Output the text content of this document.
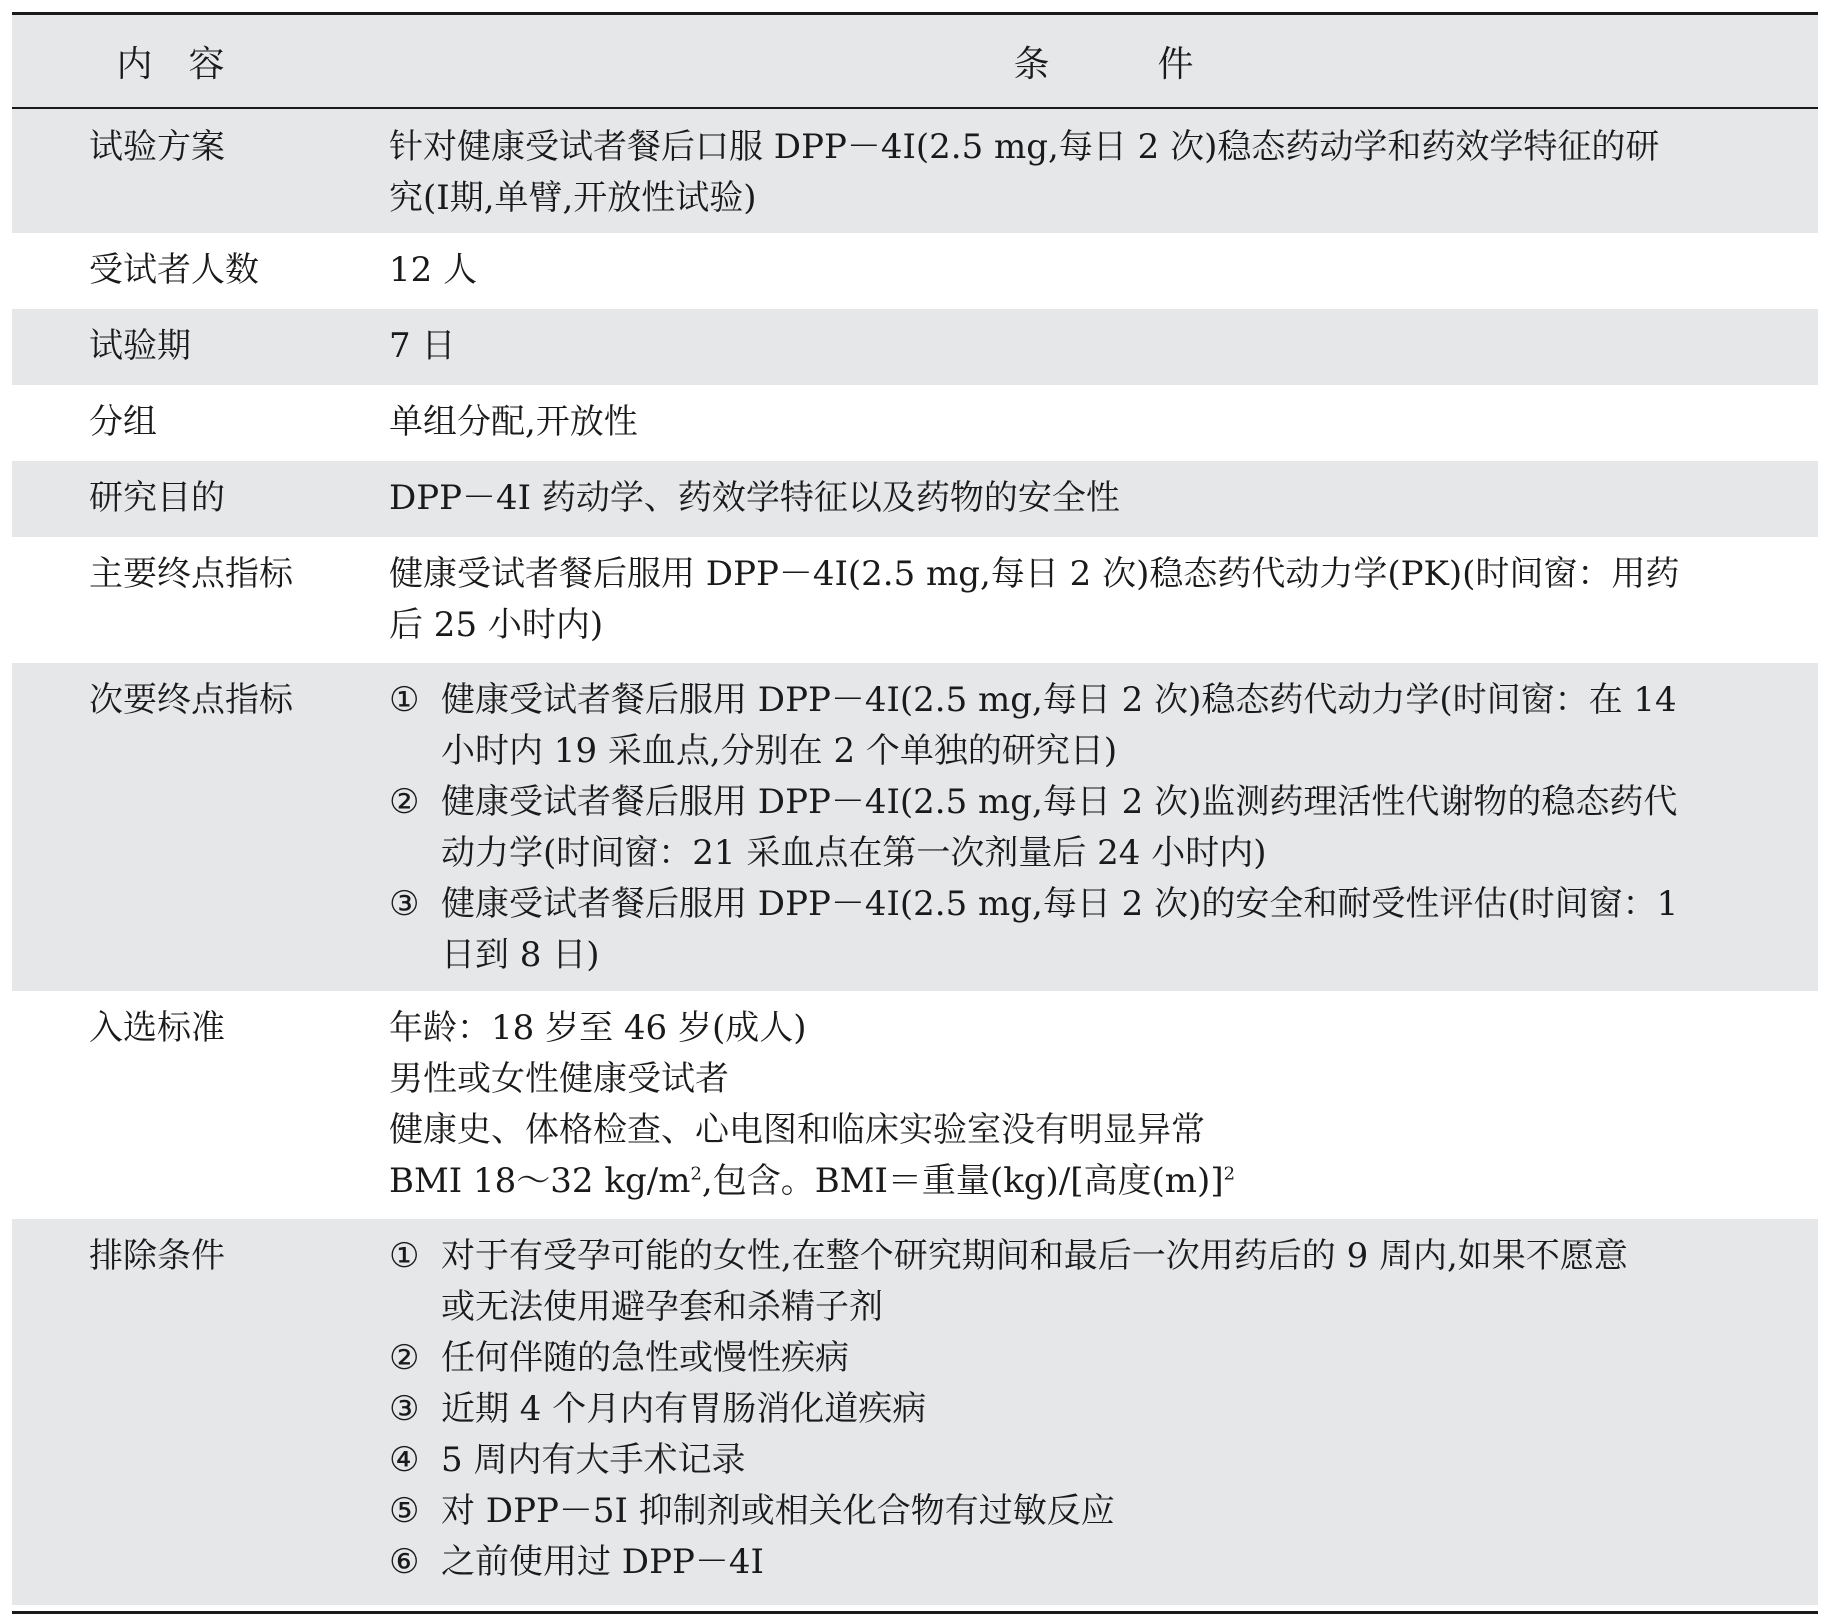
内　容	条　　　件
试验方案	针对健康受试者餐后口服 DPP－4I(2.5 mg,每日 2 次)稳态药动学和药效学特征的研
究(Ⅰ期,单臂,开放性试验)
受试者人数	12 人
试验期	7 日
分组	单组分配,开放性
研究目的	DPP－4I 药动学、药效学特征以及药物的安全性
主要终点指标	健康受试者餐后服用 DPP－4I(2.5 mg,每日 2 次)稳态药代动力学(PK)(时间窗：用药
后 25 小时内)
次要终点指标	① 健康受试者餐后服用 DPP－4I(2.5 mg,每日 2 次)稳态药代动力学(时间窗：在 14
小时内 19 采血点,分别在 2 个单独的研究日)
② 健康受试者餐后服用 DPP－4I(2.5 mg,每日 2 次)监测药理活性代谢物的稳态药代
动力学(时间窗：21 采血点在第一次剂量后 24 小时内)
③ 健康受试者餐后服用 DPP－4I(2.5 mg,每日 2 次)的安全和耐受性评估(时间窗：1
日到 8 日)
入选标准	年龄：18 岁至 46 岁(成人)
男性或女性健康受试者
健康史、体格检查、心电图和临床实验室没有明显异常
BMI 18～32 $kg/m^2$,包含。BMI＝重量(kg)/[高度(m)]$^2$
排除条件	① 对于有受孕可能的女性,在整个研究期间和最后一次用药后的 9 周内,如果不愿意
或无法使用避孕套和杀精子剂
② 任何伴随的急性或慢性疾病
③ 近期 4 个月内有胃肠消化道疾病
④ 5 周内有大手术记录
⑤ 对 DPP－5I 抑制剂或相关化合物有过敏反应
⑥ 之前使用过 DPP－4I
